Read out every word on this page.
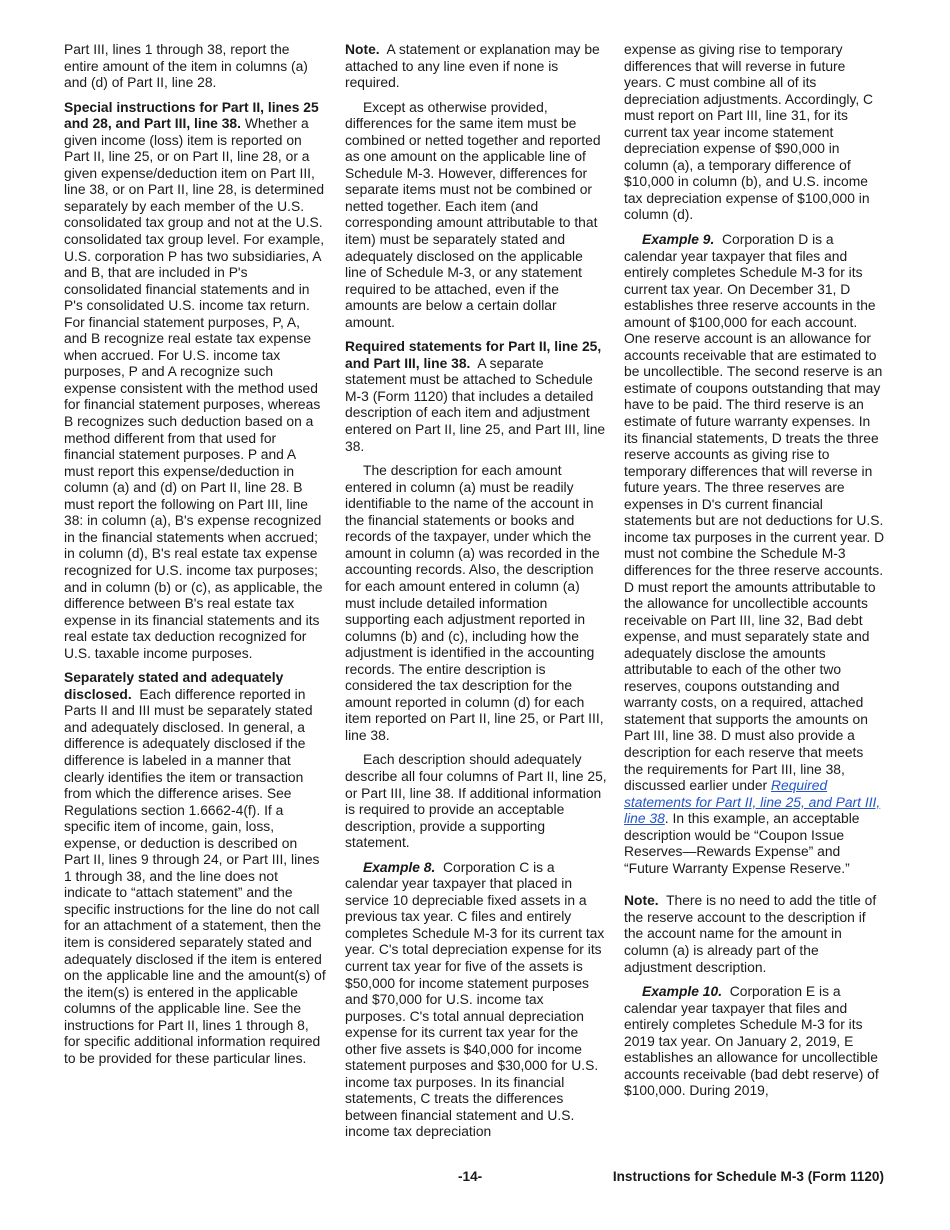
Part III, lines 1 through 38, report the entire amount of the item in columns (a) and (d) of Part II, line 28.

Special instructions for Part II, lines 25 and 28, and Part III, line 38. Whether a given income (loss) item is reported on Part II, line 25, or on Part II, line 28, or a given expense/deduction item on Part III, line 38, or on Part II, line 28, is determined separately by each member of the U.S. consolidated tax group and not at the U.S. consolidated tax group level. For example, U.S. corporation P has two subsidiaries, A and B, that are included in P's consolidated financial statements and in P's consolidated U.S. income tax return. For financial statement purposes, P, A, and B recognize real estate tax expense when accrued. For U.S. income tax purposes, P and A recognize such expense consistent with the method used for financial statement purposes, whereas B recognizes such deduction based on a method different from that used for financial statement purposes. P and A must report this expense/deduction in column (a) and (d) on Part II, line 28. B must report the following on Part III, line 38: in column (a), B's expense recognized in the financial statements when accrued; in column (d), B's real estate tax expense recognized for U.S. income tax purposes; and in column (b) or (c), as applicable, the difference between B's real estate tax expense in its financial statements and its real estate tax deduction recognized for U.S. taxable income purposes.

Separately stated and adequately disclosed. Each difference reported in Parts II and III must be separately stated and adequately disclosed. In general, a difference is adequately disclosed if the difference is labeled in a manner that clearly identifies the item or transaction from which the difference arises. See Regulations section 1.6662-4(f). If a specific item of income, gain, loss, expense, or deduction is described on Part II, lines 9 through 24, or Part III, lines 1 through 38, and the line does not indicate to “attach statement” and the specific instructions for the line do not call for an attachment of a statement, then the item is considered separately stated and adequately disclosed if the item is entered on the applicable line and the amount(s) of the item(s) is entered in the applicable columns of the applicable line. See the instructions for Part II, lines 1 through 8, for specific additional information required to be provided for these particular lines.

Note. A statement or explanation may be attached to any line even if none is required.

Except as otherwise provided, differences for the same item must be combined or netted together and reported as one amount on the applicable line of Schedule M-3. However, differences for separate items must not be combined or netted together. Each item (and corresponding amount attributable to that item) must be separately stated and adequately disclosed on the applicable line of Schedule M-3, or any statement required to be attached, even if the amounts are below a certain dollar amount.

Required statements for Part II, line 25, and Part III, line 38. A separate statement must be attached to Schedule M-3 (Form 1120) that includes a detailed description of each item and adjustment entered on Part II, line 25, and Part III, line 38.

The description for each amount entered in column (a) must be readily identifiable to the name of the account in the financial statements or books and records of the taxpayer, under which the amount in column (a) was recorded in the accounting records. Also, the description for each amount entered in column (a) must include detailed information supporting each adjustment reported in columns (b) and (c), including how the adjustment is identified in the accounting records. The entire description is considered the tax description for the amount reported in column (d) for each item reported on Part II, line 25, or Part III, line 38.

Each description should adequately describe all four columns of Part II, line 25, or Part III, line 38. If additional information is required to provide an acceptable description, provide a supporting statement.

Example 8. Corporation C is a calendar year taxpayer that placed in service 10 depreciable fixed assets in a previous tax year. C files and entirely completes Schedule M-3 for its current tax year. C's total depreciation expense for its current tax year for five of the assets is $50,000 for income statement purposes and $70,000 for U.S. income tax purposes. C's total annual depreciation expense for its current tax year for the other five assets is $40,000 for income statement purposes and $30,000 for U.S. income tax purposes. In its financial statements, C treats the differences between financial statement and U.S. income tax depreciation

expense as giving rise to temporary differences that will reverse in future years. C must combine all of its depreciation adjustments. Accordingly, C must report on Part III, line 31, for its current tax year income statement depreciation expense of $90,000 in column (a), a temporary difference of $10,000 in column (b), and U.S. income tax depreciation expense of $100,000 in column (d).

Example 9. Corporation D is a calendar year taxpayer that files and entirely completes Schedule M-3 for its current tax year. On December 31, D establishes three reserve accounts in the amount of $100,000 for each account. One reserve account is an allowance for accounts receivable that are estimated to be uncollectible. The second reserve is an estimate of coupons outstanding that may have to be paid. The third reserve is an estimate of future warranty expenses. In its financial statements, D treats the three reserve accounts as giving rise to temporary differences that will reverse in future years. The three reserves are expenses in D's current financial statements but are not deductions for U.S. income tax purposes in the current year. D must not combine the Schedule M-3 differences for the three reserve accounts. D must report the amounts attributable to the allowance for uncollectible accounts receivable on Part III, line 32, Bad debt expense, and must separately state and adequately disclose the amounts attributable to each of the other two reserves, coupons outstanding and warranty costs, on a required, attached statement that supports the amounts on Part III, line 38. D must also provide a description for each reserve that meets the requirements for Part III, line 38, discussed earlier under Required statements for Part II, line 25, and Part III, line 38. In this example, an acceptable description would be “Coupon Issue Reserves—Rewards Expense” and “Future Warranty Expense Reserve.”

Note. There is no need to add the title of the reserve account to the description if the account name for the amount in column (a) is already part of the adjustment description.

Example 10. Corporation E is a calendar year taxpayer that files and entirely completes Schedule M-3 for its 2019 tax year. On January 2, 2019, E establishes an allowance for uncollectible accounts receivable (bad debt reserve) of $100,000. During 2019,

-14-	Instructions for Schedule M-3 (Form 1120)
